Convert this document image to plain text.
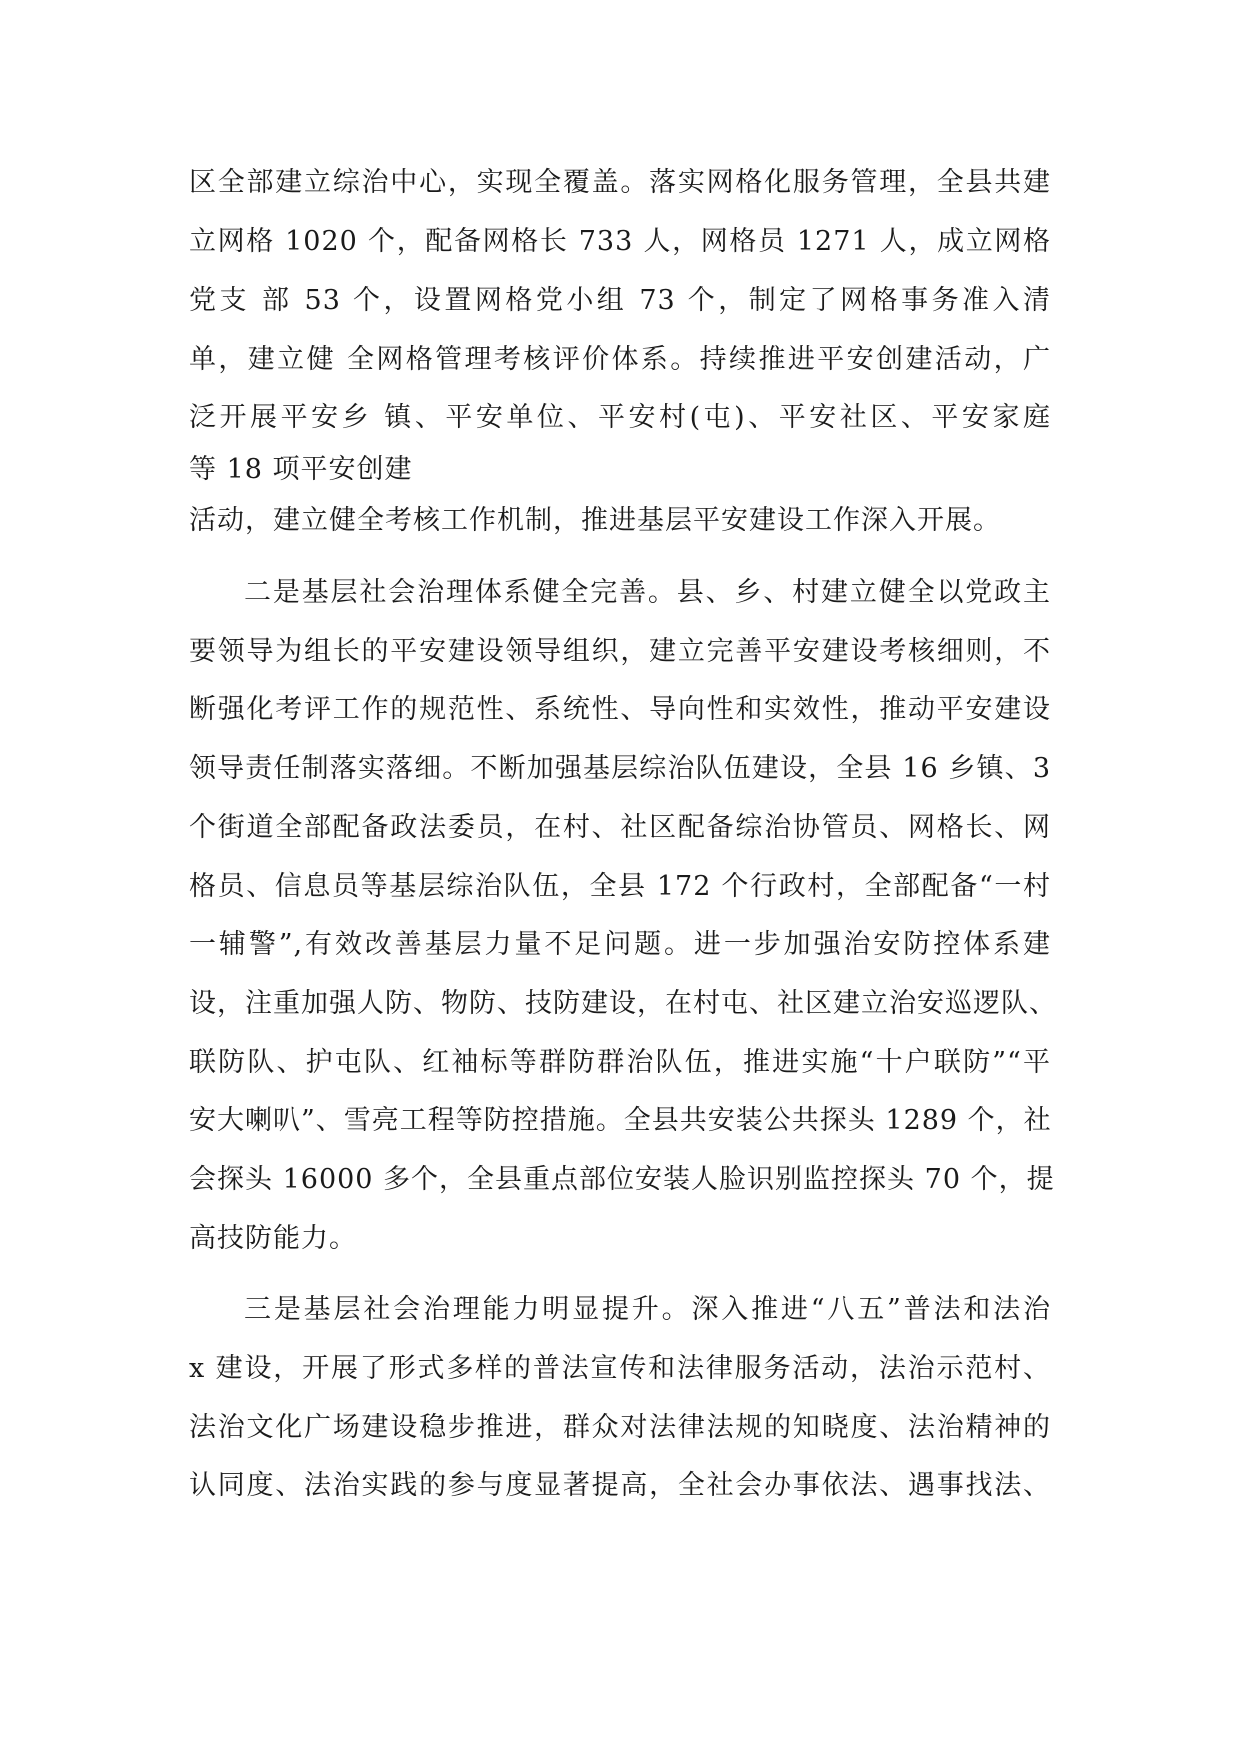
区全部建立综治中心，实现全覆盖。落实网格化服务管理，全县共建
立网格 1020 个，配备网格长 733 人，网格员 1271 人，成立网格
党支 部 53 个，设置网格党小组 73 个，制定了网格事务准入清
单，建立健 全网格管理考核评价体系。持续推进平安创建活动，广
泛开展平安乡 镇、平安单位、平安村(屯)、平安社区、平安家庭
等 18 项平安创建
活动，建立健全考核工作机制，推进基层平安建设工作深入开展。
二是基层社会治理体系健全完善。县、乡、村建立健全以党政主
要领导为组长的平安建设领导组织，建立完善平安建设考核细则，不
断强化考评工作的规范性、系统性、导向性和实效性，推动平安建设
领导责任制落实落细。不断加强基层综治队伍建设，全县 16 乡镇、3
个街道全部配备政法委员，在村、社区配备综治协管员、网格长、网
格员、信息员等基层综治队伍，全县 172 个行政村，全部配备“一村
一辅警”,有效改善基层力量不足问题。进一步加强治安防控体系建
设，注重加强人防、物防、技防建设，在村屯、社区建立治安巡逻队、
联防队、护屯队、红袖标等群防群治队伍，推进实施“十户联防”“平
安大喇叭”、雪亮工程等防控措施。全县共安装公共探头 1289 个，社
会探头 16000 多个，全县重点部位安装人脸识别监控探头 70 个，提
高技防能力。
三是基层社会治理能力明显提升。深入推进“八五”普法和法治
x 建设，开展了形式多样的普法宣传和法律服务活动，法治示范村、
法治文化广场建设稳步推进，群众对法律法规的知晓度、法治精神的
认同度、法治实践的参与度显著提高，全社会办事依法、遇事找法、
